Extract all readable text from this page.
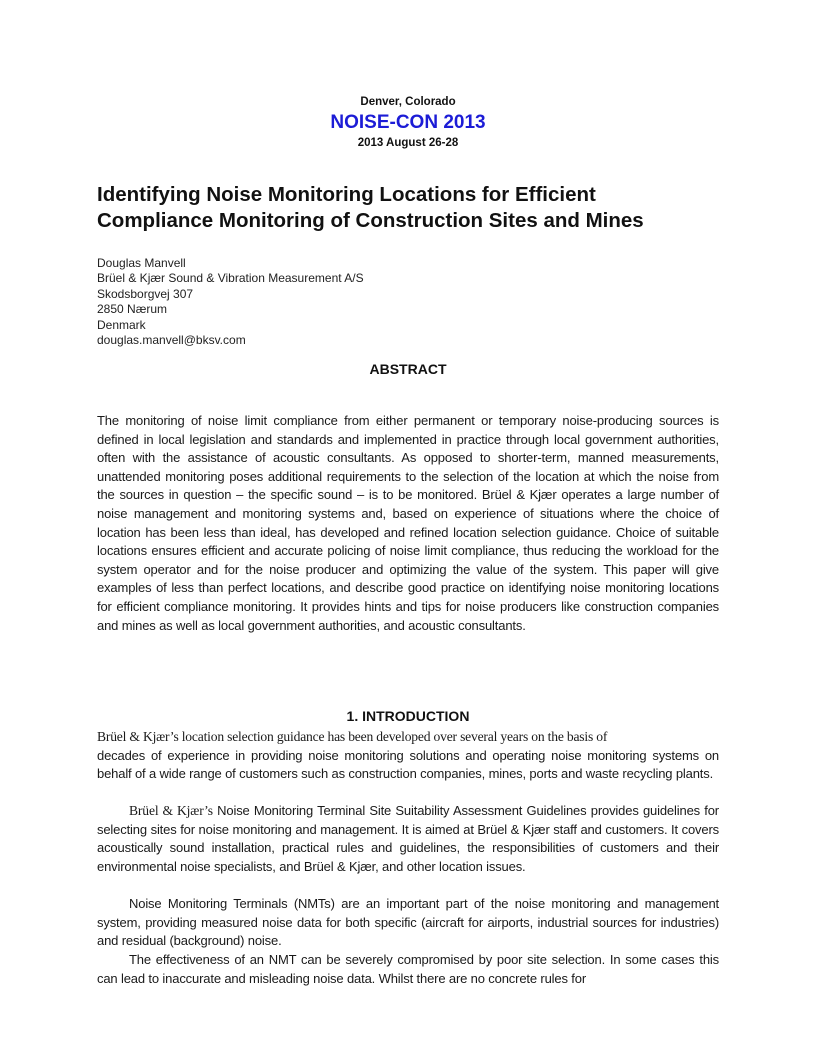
Denver, Colorado
NOISE-CON 2013
2013 August 26-28
Identifying Noise Monitoring Locations for Efficient
Compliance Monitoring of Construction Sites and Mines
Douglas Manvell
Brüel & Kjær Sound & Vibration Measurement A/S
Skodsborgvej 307
2850 Nærum
Denmark
douglas.manvell@bksv.com
ABSTRACT
The monitoring of noise limit compliance from either permanent or temporary noise-producing sources is defined in local legislation and standards and implemented in practice through local government authorities, often with the assistance of acoustic consultants. As opposed to shorter-term, manned measurements, unattended monitoring poses additional requirements to the selection of the location at which the noise from the sources in question – the specific sound – is to be monitored. Brüel & Kjær operates a large number of noise management and monitoring systems and, based on experience of situations where the choice of location has been less than ideal, has developed and refined location selection guidance. Choice of suitable locations ensures efficient and accurate policing of noise limit compliance, thus reducing the workload for the system operator and for the noise producer and optimizing the value of the system. This paper will give examples of less than perfect locations, and describe good practice on identifying noise monitoring locations for efficient compliance monitoring. It provides hints and tips for noise producers like construction companies and mines as well as local government authorities, and acoustic consultants.
1. INTRODUCTION
Brüel & Kjær’s location selection guidance has been developed over several years on the basis of
decades of experience in providing noise monitoring solutions and operating noise monitoring systems on behalf of a wide range of customers such as construction companies, mines, ports and waste recycling plants.
Brüel & Kjær’s Noise Monitoring Terminal Site Suitability Assessment Guidelines provides guidelines for selecting sites for noise monitoring and management. It is aimed at Brüel & Kjær staff and customers. It covers acoustically sound installation, practical rules and guidelines, the responsibilities of customers and their environmental noise specialists, and Brüel & Kjær, and other location issues.
Noise Monitoring Terminals (NMTs) are an important part of the noise monitoring and management system, providing measured noise data for both specific (aircraft for airports, industrial sources for industries) and residual (background) noise.
The effectiveness of an NMT can be severely compromised by poor site selection. In some cases this can lead to inaccurate and misleading noise data. Whilst there are no concrete rules for
